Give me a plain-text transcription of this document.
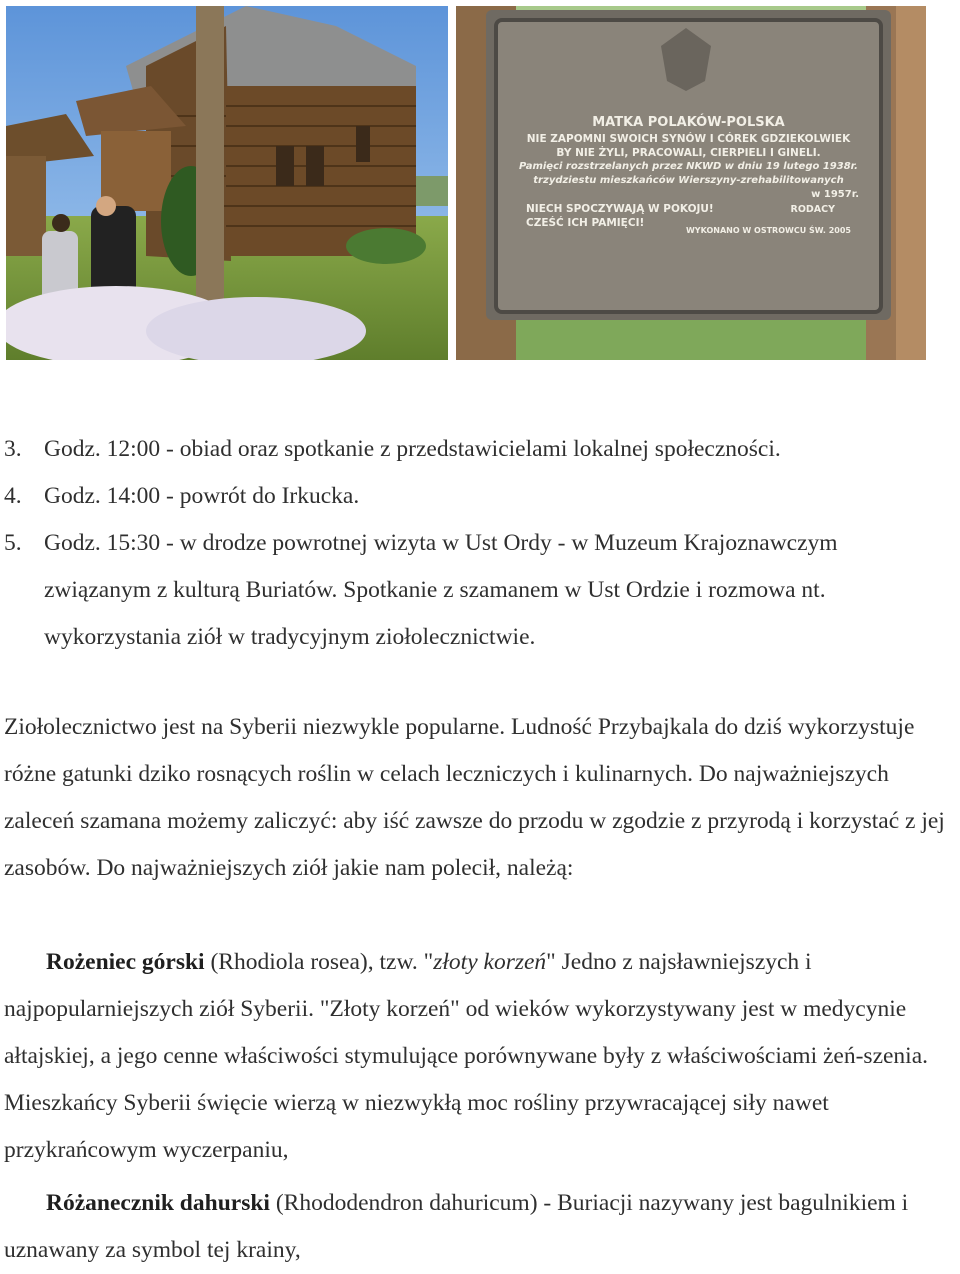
MATKA POLAKÓW-POLSKA
NIE ZAPOMNI SWOICH SYNÓW I CÓREK GDZIEKOLWIEK
BY NIE ŻYLI, PRACOWALI, CIERPIELI I GINELI.
Pamięci rozstrzelanych przez NKWD w dniu 19 lutego 1938r.
trzydziestu mieszkańców Wierszyny-zrehabilitowanych
w 1957r.
NIECH SPOCZYWAJĄ W POKOJU!
CZEŚĆ ICH PAMIĘCI!
RODACY
WYKONANO W OSTROWCU ŚW. 2005
3. Godz. 12:00 - obiad oraz spotkanie z przedstawicielami lokalnej społeczności.
4. Godz. 14:00 - powrót do Irkucka.
5. Godz. 15:30 - w drodze powrotnej wizyta w Ust Ordy - w Muzeum Krajoznawczym związanym z kulturą Buriatów. Spotkanie z szamanem w Ust Ordzie i rozmowa nt. wykorzystania ziół w tradycyjnym ziołolecznictwie.

Ziołolecznictwo jest na Syberii niezwykle popularne. Ludność Przybajkala do dziś wykorzystuje różne gatunki dziko rosnących roślin w celach leczniczych i kulinarnych. Do najważniejszych zaleceń szamana możemy zaliczyć: aby iść zawsze do przodu w zgodzie z przyrodą i korzystać z jej zasobów. Do najważniejszych ziół jakie nam polecił, należą:

Rożeniec górski (Rhodiola rosea), tzw. "złoty korzeń" Jedno z najsławniejszych i najpopularniejszych ziół Syberii. "Złoty korzeń" od wieków wykorzystywany jest w medycynie ałtajskiej, a jego cenne właściwości stymulujące porównywane były z właściwościami żeń-szenia. Mieszkańcy Syberii święcie wierzą w niezwykłą moc rośliny przywracającej siły nawet przykrańcowym wyczerpaniu,

Różanecznik dahurski (Rhododendron dahuricum) - Buriacji nazywany jest bagulnikiem i uznawany za symbol tej krainy,
